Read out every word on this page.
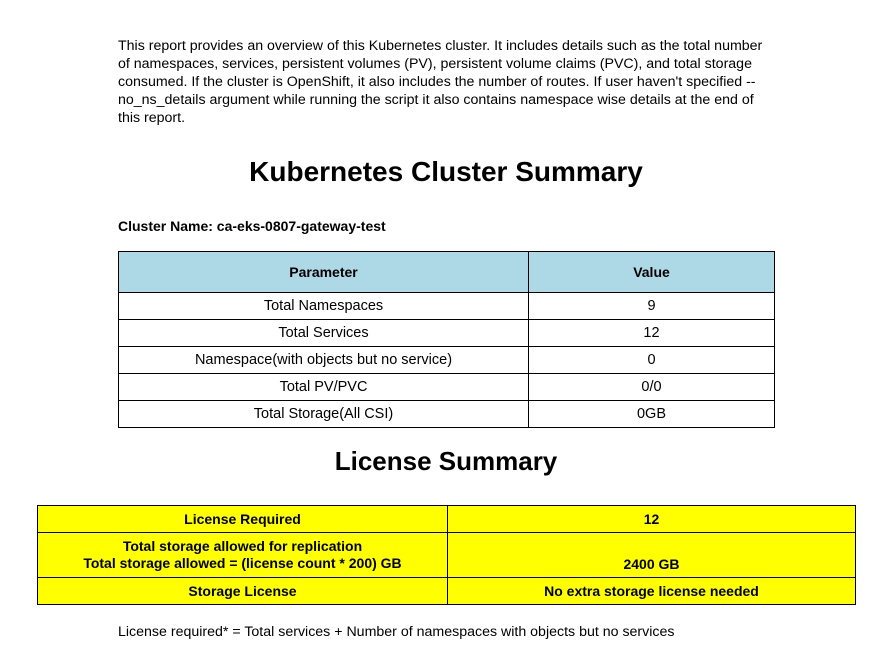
This report provides an overview of this Kubernetes cluster. It includes details such as the total number of namespaces, services, persistent volumes (PV), persistent volume claims (PVC), and total storage consumed. If the cluster is OpenShift, it also includes the number of routes. If user haven't specified --no_ns_details argument while running the script it also contains namespace wise details at the end of this report.
Kubernetes Cluster Summary
Cluster Name: ca-eks-0807-gateway-test
Parameter	Value
Total Namespaces	9
Total Services	12
Namespace(with objects but no service)	0
Total PV/PVC	0/0
Total Storage(All CSI)	0GB
License Summary
License Required	12

Total storage allowed for replication
Total storage allowed = (license count * 200) GB	2400 GB
Storage License	No extra storage license needed
License required* = Total services + Number of namespaces with objects but no services
